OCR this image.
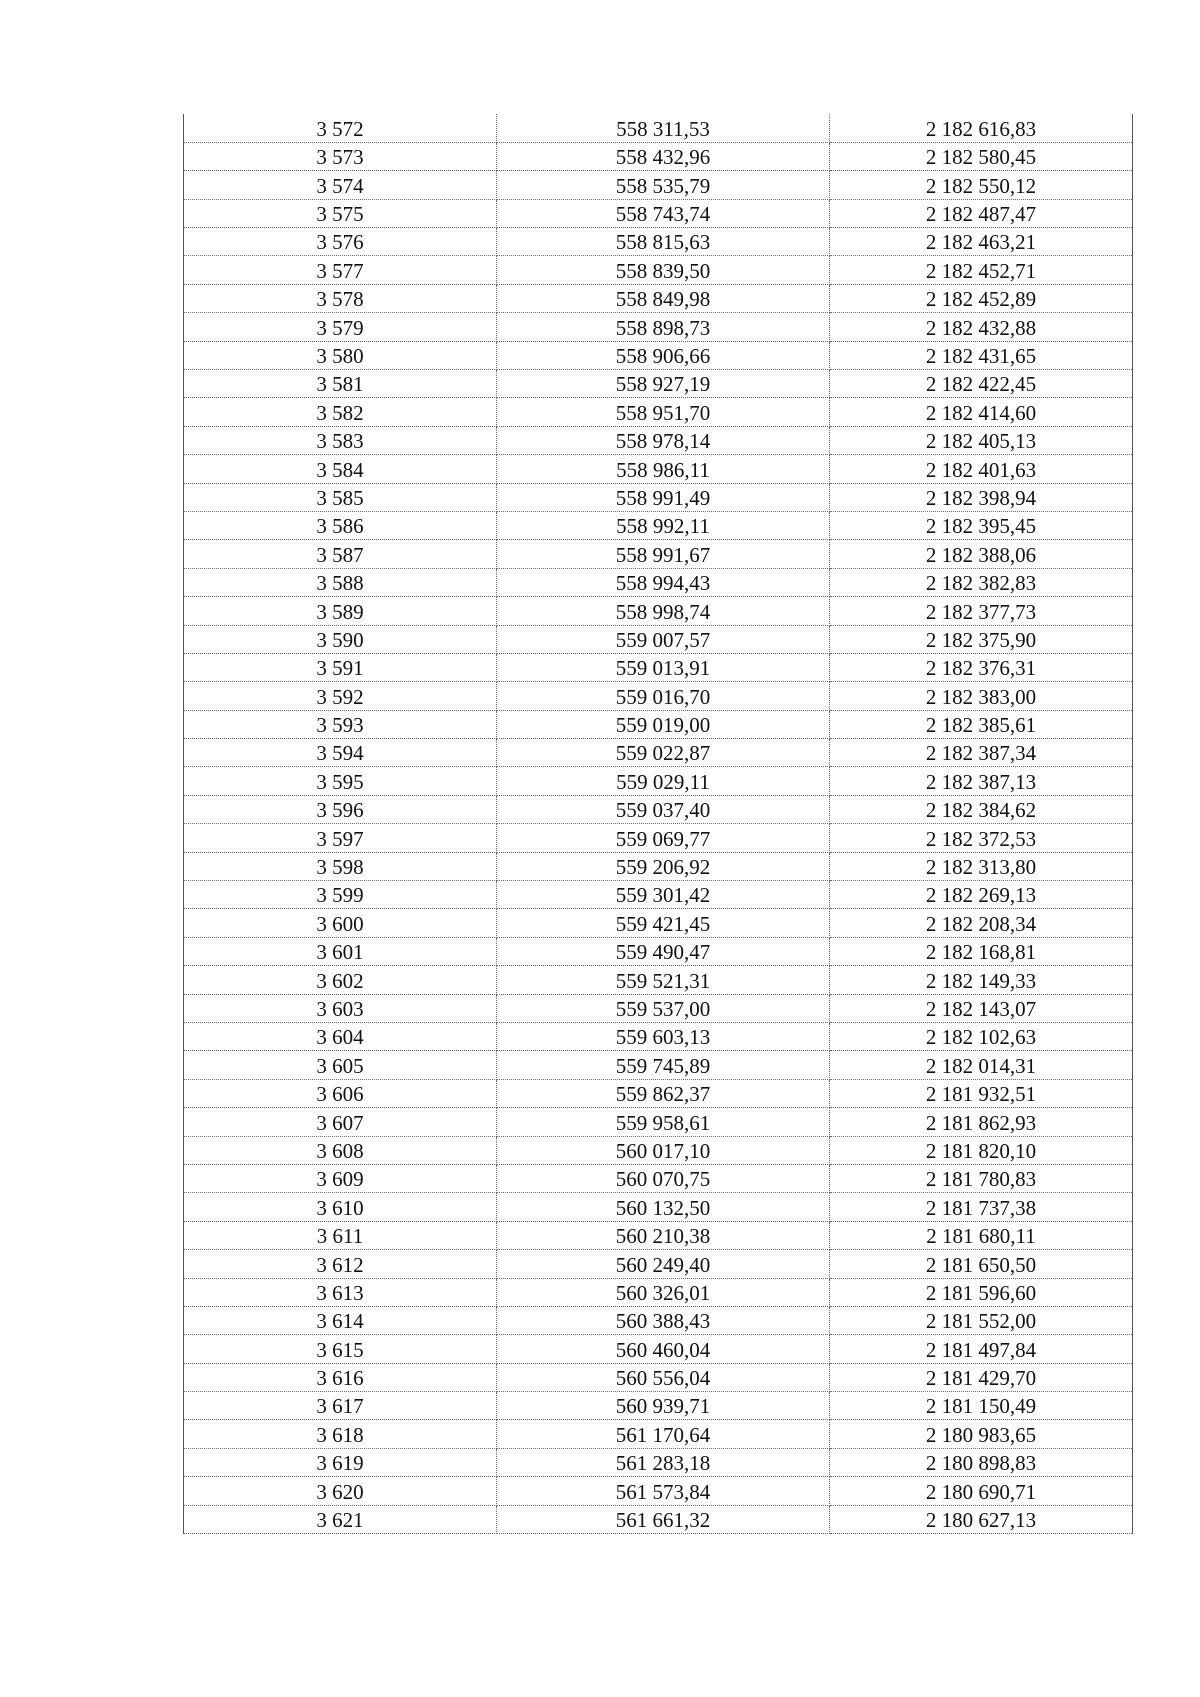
3 572	558 311,53	2 182 616,83
3 573	558 432,96	2 182 580,45
3 574	558 535,79	2 182 550,12
3 575	558 743,74	2 182 487,47
3 576	558 815,63	2 182 463,21
3 577	558 839,50	2 182 452,71
3 578	558 849,98	2 182 452,89
3 579	558 898,73	2 182 432,88
3 580	558 906,66	2 182 431,65
3 581	558 927,19	2 182 422,45
3 582	558 951,70	2 182 414,60
3 583	558 978,14	2 182 405,13
3 584	558 986,11	2 182 401,63
3 585	558 991,49	2 182 398,94
3 586	558 992,11	2 182 395,45
3 587	558 991,67	2 182 388,06
3 588	558 994,43	2 182 382,83
3 589	558 998,74	2 182 377,73
3 590	559 007,57	2 182 375,90
3 591	559 013,91	2 182 376,31
3 592	559 016,70	2 182 383,00
3 593	559 019,00	2 182 385,61
3 594	559 022,87	2 182 387,34
3 595	559 029,11	2 182 387,13
3 596	559 037,40	2 182 384,62
3 597	559 069,77	2 182 372,53
3 598	559 206,92	2 182 313,80
3 599	559 301,42	2 182 269,13
3 600	559 421,45	2 182 208,34
3 601	559 490,47	2 182 168,81
3 602	559 521,31	2 182 149,33
3 603	559 537,00	2 182 143,07
3 604	559 603,13	2 182 102,63
3 605	559 745,89	2 182 014,31
3 606	559 862,37	2 181 932,51
3 607	559 958,61	2 181 862,93
3 608	560 017,10	2 181 820,10
3 609	560 070,75	2 181 780,83
3 610	560 132,50	2 181 737,38
3 611	560 210,38	2 181 680,11
3 612	560 249,40	2 181 650,50
3 613	560 326,01	2 181 596,60
3 614	560 388,43	2 181 552,00
3 615	560 460,04	2 181 497,84
3 616	560 556,04	2 181 429,70
3 617	560 939,71	2 181 150,49
3 618	561 170,64	2 180 983,65
3 619	561 283,18	2 180 898,83
3 620	561 573,84	2 180 690,71
3 621	561 661,32	2 180 627,13
